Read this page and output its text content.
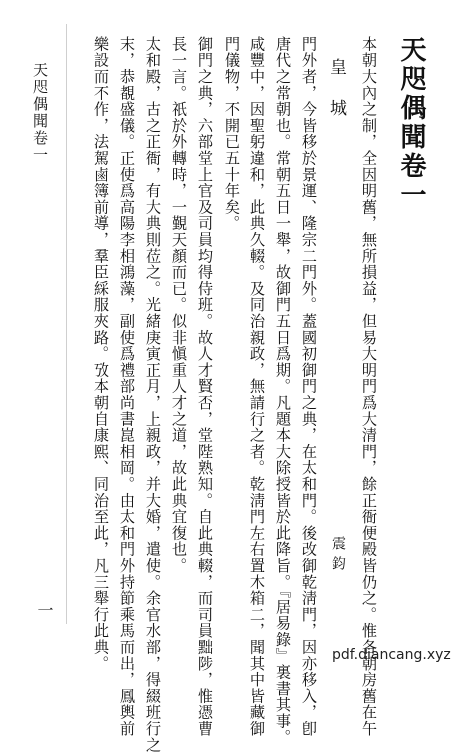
天咫偶聞卷一
皇城
震鈞 本朝大內之制，全因明舊，無所損益，但易大明門爲大清門，餘正衙便殿皆仍之。惟各朝房舊在午
門外者，今皆移於景運、隆宗二門外。蓋國初御門之典，在太和門。後改御乾淸門，因亦移入，卽
唐代之常朝也。常朝五日一舉，故御門五日爲期。凡題本大除授皆於此降旨。『居易錄』裏書其事。
咸豐中，因聖躬違和，此典久輟。及同治親政，無請行之者。乾淸門左右置木箱二，聞其中皆藏御
門儀物，不開已五十年矣。
御門之典，六部堂上官及司員均得侍班。故人才賢否，堂陛熟知。自此典輟，而司員黜陟，惟憑曹
長一言。祇於外轉時，一覲天顏而已。似非愼重人才之道，故此典宜復也。
太和殿，古之正衙，有大典則莅之。光緒庚寅正月，上親政，并大婚，遣使。余官水部，得綴班行之
末，恭覩盛儀。正使爲高陽李相鴻藻，副使爲禮部尚書崑相岡。由太和門外持節乘馬而出，鳳輿前
樂設而不作，法駕鹵簿前導，羣臣綵服夾路。攷本朝自康熙、同治至此，凡三舉行此典。
天咫偶聞卷一
一
pdf.diancang.xyz
